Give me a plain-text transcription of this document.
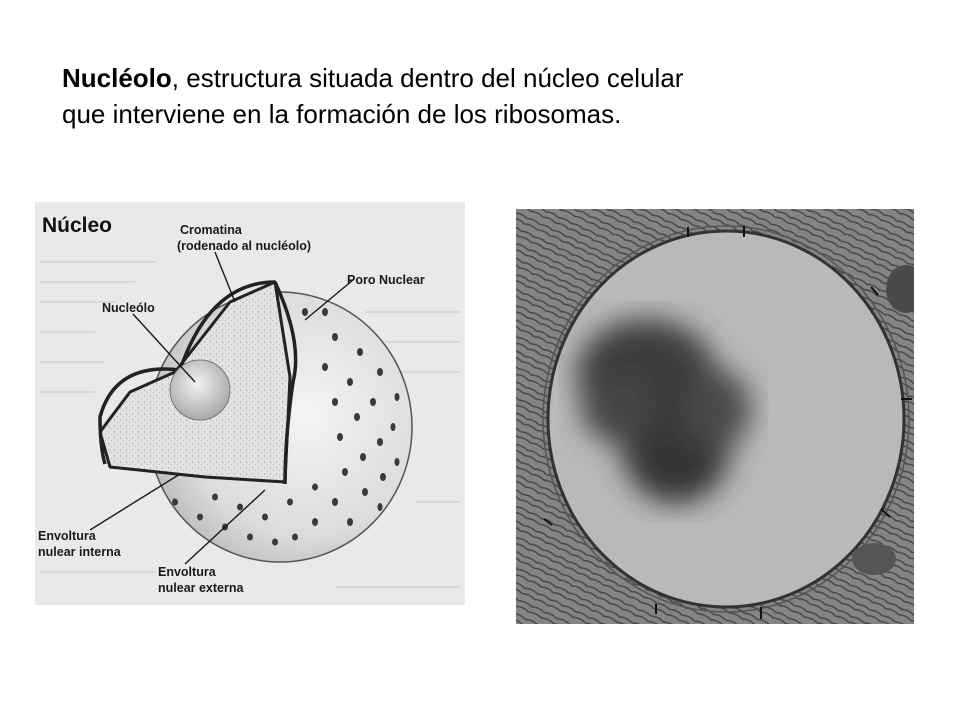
Nucléolo, estructura situada dentro del núcleo celular
que interviene en la formación de los ribosomas.
Núcleo	Cromatina
(rodenado al nucléolo)
Poro Nuclear
Nucleólo
Envoltura
nulear interna
Envoltura
nulear externa
